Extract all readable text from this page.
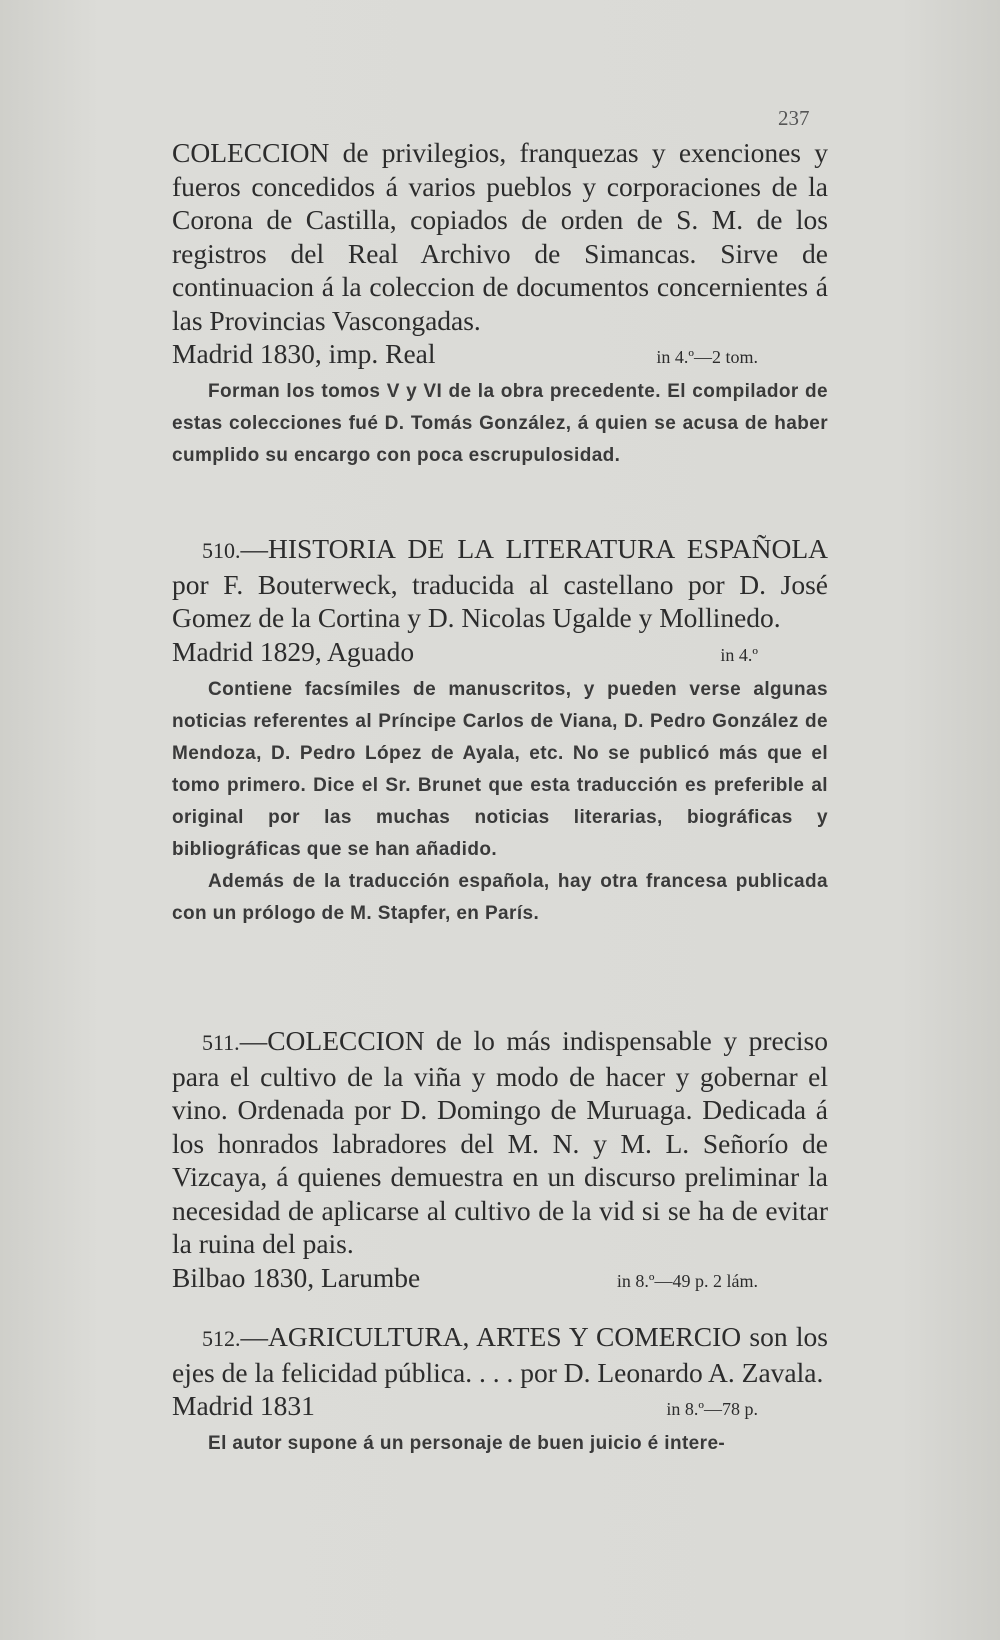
237

COLECCION de privilegios, franquezas y exenciones y fueros concedidos á varios pueblos y corporaciones de la Corona de Castilla, copiados de orden de S. M. de los registros del Real Archivo de Simancas. Sirve de continuacion á la coleccion de documentos concernientes á las Provincias Vascongadas.

Madrid 1830, imp. Real	in 4.º—2 tom.

Forman los tomos V y VI de la obra precedente. El compilador de estas colecciones fué D. Tomás González, á quien se acusa de haber cumplido su encargo con poca escrupulosidad.

510.—HISTORIA DE LA LITERATURA ESPAÑOLA por F. Bouterweck, traducida al castellano por D. José Gomez de la Cortina y D. Nicolas Ugalde y Mollinedo.

Madrid 1829, Aguado	in 4.º

Contiene facsímiles de manuscritos, y pueden verse algunas noticias referentes al Príncipe Carlos de Viana, D. Pedro González de Mendoza, D. Pedro López de Ayala, etc. No se publicó más que el tomo primero. Dice el Sr. Brunet que esta traducción es preferible al original por las muchas noticias literarias, biográficas y bibliográficas que se han añadido.

Además de la traducción española, hay otra francesa publicada con un prólogo de M. Stapfer, en París.

511.—COLECCION de lo más indispensable y preciso para el cultivo de la viña y modo de hacer y gobernar el vino. Ordenada por D. Domingo de Muruaga. Dedicada á los honrados labradores del M. N. y M. L. Señorío de Vizcaya, á quienes demuestra en un discurso preliminar la necesidad de aplicarse al cultivo de la vid si se ha de evitar la ruina del pais.

Bilbao 1830, Larumbe	in 8.º—49 p. 2 lám.

512.—AGRICULTURA, ARTES Y COMERCIO son los ejes de la felicidad pública. . . . por D. Leonardo A. Zavala.

Madrid 1831	in 8.º—78 p.

El autor supone á un personaje de buen juicio é intere-
